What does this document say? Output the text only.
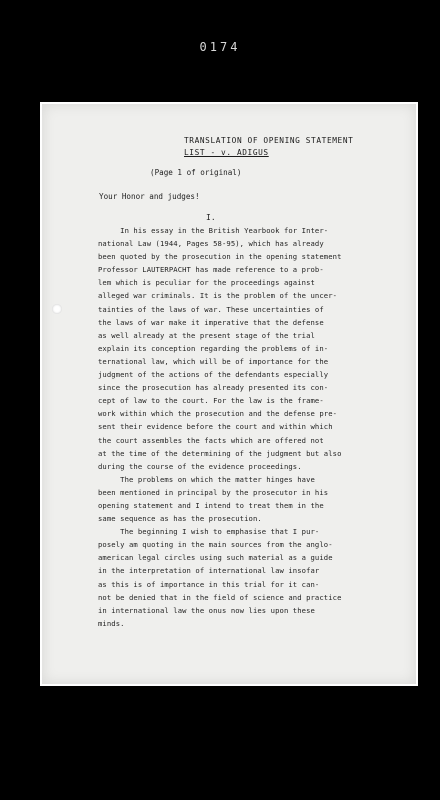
0174
TRANSLATION OF OPENING STATEMENT
LIST - v. ADIGUS
(Page 1 of original)
Your Honor and judges!
I.
In his essay in the British Yearbook for Inter-
national Law (1944, Pages 58-95), which has already
been quoted by the prosecution in the opening statement
Professor LAUTERPACHT has made reference to a prob-
lem which is peculiar for the proceedings against
alleged war criminals. It is the problem of the uncer-
tainties of the laws of war. These uncertainties of
the laws of war make it imperative that the defense
as well already at the present stage of the trial
explain its conception regarding the problems of in-
ternational law, which will be of importance for the
judgment of the actions of the defendants especially
since the prosecution has already presented its con-
cept of law to the court. For the law is the frame-
work within which the prosecution and the defense pre-
sent their evidence before the court and within which
the court assembles the facts which are offered not
at the time of the determining of the judgment but also
during the course of the evidence proceedings.
The problems on which the matter hinges have
been mentioned in principal by the prosecutor in his
opening statement and I intend to treat them in the
same sequence as has the prosecution.
The beginning I wish to emphasise that I pur-
posely am quoting in the main sources from the anglo-
american legal circles using such material as a guide
in the interpretation of international law insofar
as this is of importance in this trial for it can-
not be denied that in the field of science and practice
in international law the onus now lies upon these
minds.
